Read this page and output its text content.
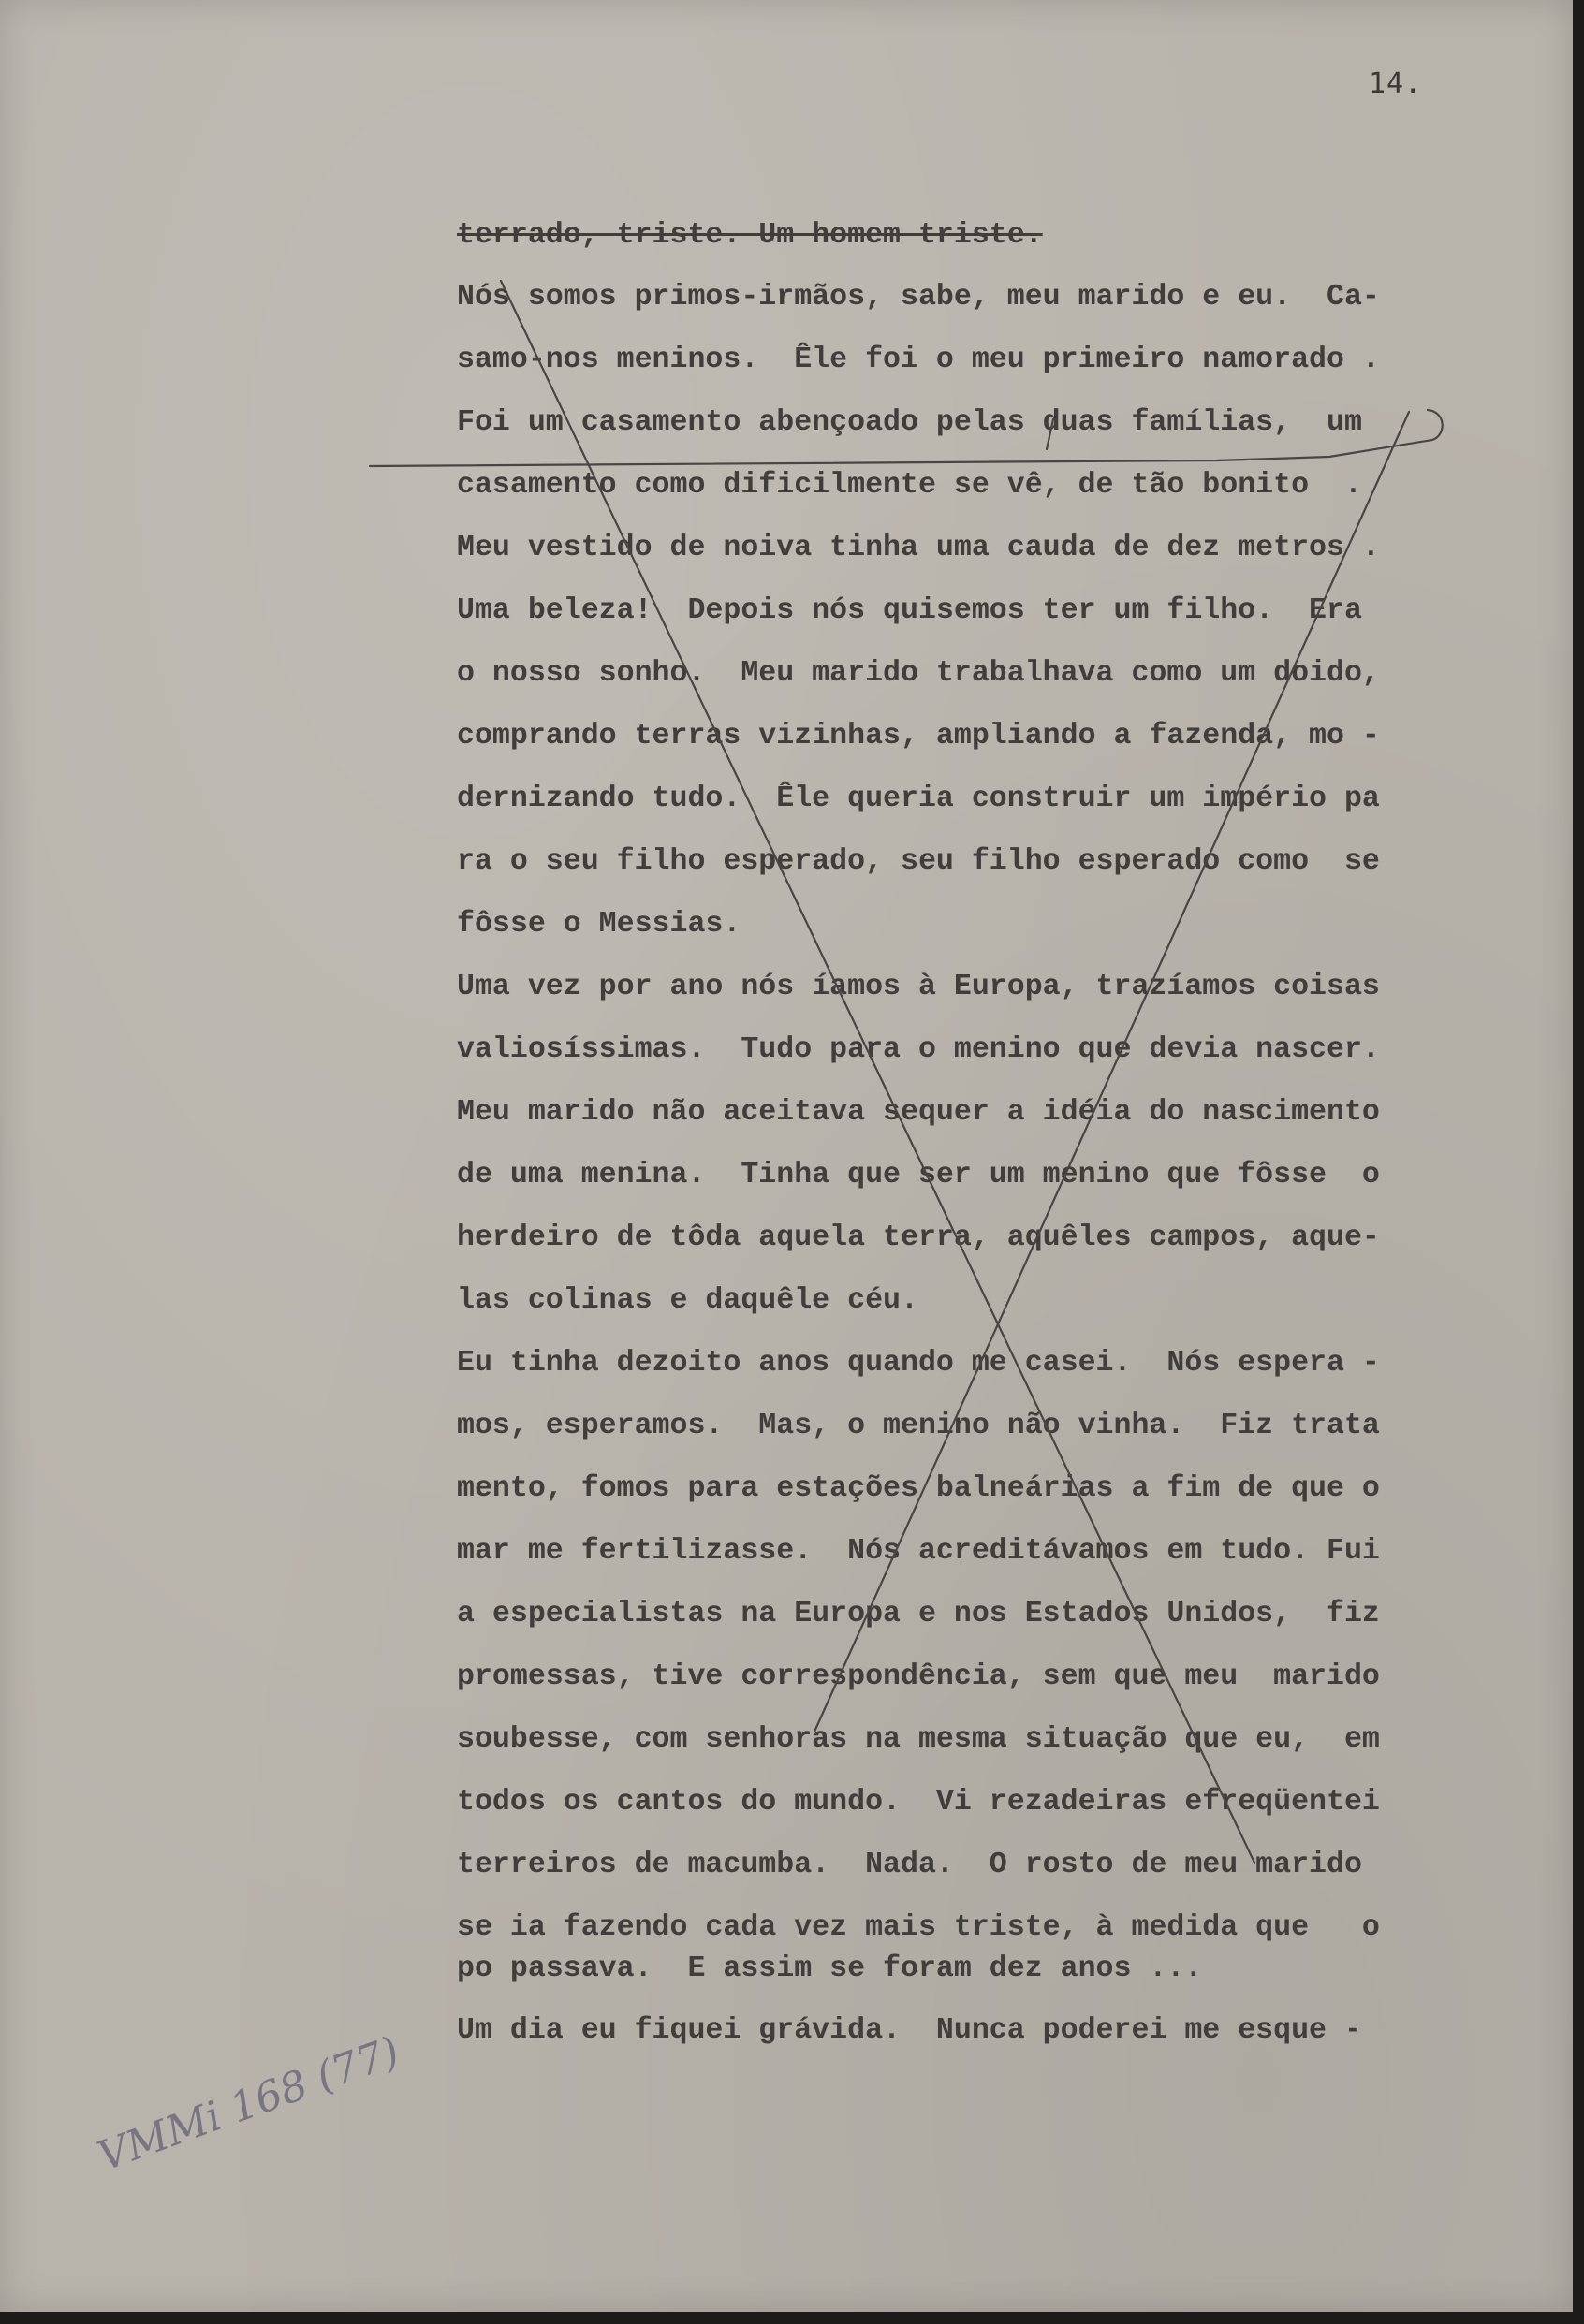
14.
terrado, triste. Um homem triste.
Nós somos primos-irmãos, sabe, meu marido e eu.  Ca-
samo-nos meninos.  Êle foi o meu primeiro namorado .
Foi um casamento abençoado pelas duas famílias,  um
casamento como dificilmente se vê, de tão bonito  .
Meu vestido de noiva tinha uma cauda de dez metros .
Uma beleza!  Depois nós quisemos ter um filho.  Era
o nosso sonho.  Meu marido trabalhava como um doido,
comprando terras vizinhas, ampliando a fazenda, mo -
dernizando tudo.  Êle queria construir um império pa
ra o seu filho esperado, seu filho esperado como  se
fôsse o Messias.
Uma vez por ano nós íamos à Europa, trazíamos coisas
valiosíssimas.  Tudo para o menino que devia nascer.
Meu marido não aceitava sequer a idéia do nascimento
de uma menina.  Tinha que ser um menino que fôsse  o
herdeiro de tôda aquela terra, aquêles campos, aque-
las colinas e daquêle céu.
Eu tinha dezoito anos quando me casei.  Nós espera -
mos, esperamos.  Mas, o menino não vinha.  Fiz trata
mento, fomos para estações balneárias a fim de que o
mar me fertilizasse.  Nós acreditávamos em tudo. Fui
a especialistas na Europa e nos Estados Unidos,  fiz
promessas, tive correspondência, sem que meu  marido
soubesse, com senhoras na mesma situação que eu,  em
todos os cantos do mundo.  Vi rezadeiras efreqüentei
terreiros de macumba.  Nada.  O rosto de meu marido
se ia fazendo cada vez mais triste, à medida que   o
po passava.  E assim se foram dez anos ...
Um dia eu fiquei grávida.  Nunca poderei me esque -
VMMi 168 (77)
